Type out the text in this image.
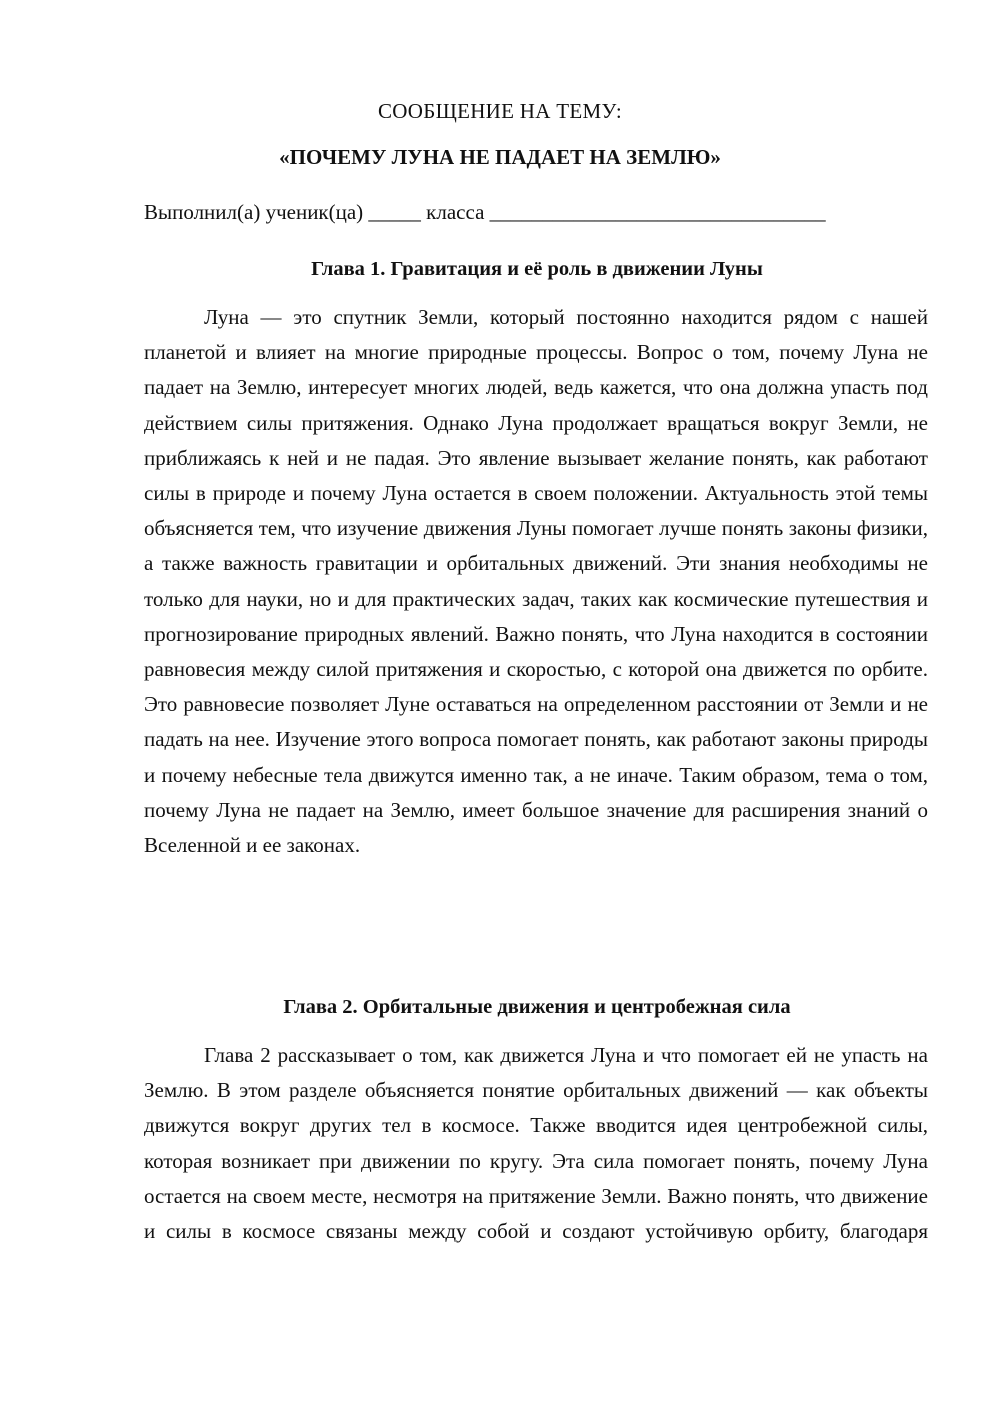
СООБЩЕНИЕ НА ТЕМУ:
«ПОЧЕМУ ЛУНА НЕ ПАДАЕТ НА ЗЕМЛЮ»
Выполнил(а) ученик(ца) _____ класса ________________________________
Глава 1. Гравитация и её роль в движении Луны

Луна — это спутник Земли, который постоянно находится рядом с нашей планетой и влияет на многие природные процессы. Вопрос о том, почему Луна не падает на Землю, интересует многих людей, ведь кажется, что она должна упасть под действием силы притяжения. Однако Луна продолжает вращаться вокруг Земли, не приближаясь к ней и не падая. Это явление вызывает желание понять, как работают силы в природе и почему Луна остается в своем положении. Актуальность этой темы объясняется тем, что изучение движения Луны помогает лучше понять законы физики, а также важность гравитации и орбитальных движений. Эти знания необходимы не только для науки, но и для практических задач, таких как космические путешествия и прогнозирование природных явлений. Важно понять, что Луна находится в состоянии равновесия между силой притяжения и скоростью, с которой она движется по орбите. Это равновесие позволяет Луне оставаться на определенном расстоянии от Земли и не падать на нее. Изучение этого вопроса помогает понять, как работают законы природы и почему небесные тела движутся именно так, а не иначе. Таким образом, тема о том, почему Луна не падает на Землю, имеет большое значение для расширения знаний о Вселенной и ее законах.

Глава 2. Орбитальные движения и центробежная сила

Глава 2 рассказывает о том, как движется Луна и что помогает ей не упасть на Землю. В этом разделе объясняется понятие орбитальных движений — как объекты движутся вокруг других тел в космосе. Также вводится идея центробежной силы, которая возникает при движении по кругу. Эта сила помогает понять, почему Луна остается на своем месте, несмотря на притяжение Земли. Важно понять, что движение и силы в космосе связаны между собой и создают устойчивую орбиту, благодаря
